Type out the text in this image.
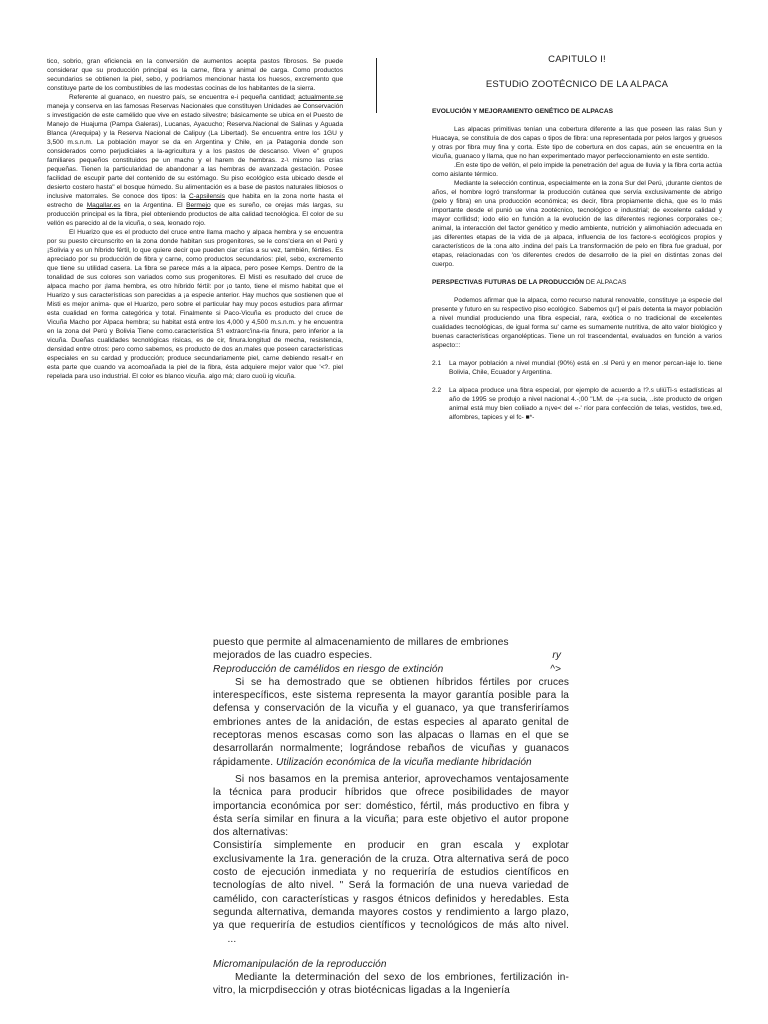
tico, sobrio, gran eficiencia en la conversión de aumentos acepta pastos fibrosos. Se puede considerar que su producción principal es la carne, fibra y animal de carga. Como productos secundarios se obtienen la piel, sebo, y podríamos mencionar hasta los huesos, excremento que constituye parte de los combustibles de las modestas cocinas de los habitantes de la sierra.

Referente al guanaco, en nuestro país, se encuentra e-i pequeña cantidad; actualmente.se maneja y conserva en las famosas Reservas Nacionales que constituyen Unidades ae Conservación s investigación de este camélido que vive en estado silvestre; básicamente se ubica en el Puesto de Manejo de Huajuma (Pampa Galeras), Lucanas, Ayacucho; Reserva.Nacional de Salinas y Aguada Blanca (Arequipa) y la Reserva Nacional de Calipuy (La Libertad). Se encuentra entre los 1GU y 3,500 m.s.n.m. La población mayor se da en Argentina y Chile, en ¡a Patagonia donde son considerados como perjudiciales a la-agricultura y a los pastos de descanso. Viven e" grupos familiares pequeños constituidos pe un macho y el harem de hembras. z-\ mismo las crías pequeñas. Tienen la particularidad de abandonar a las hembras de avanzada gestación. Posee facilidad de escupir parte del contenido de su estómago. Su piso ecológico esta ubicado desde el desierto costero hasta" el bosque húmedo. Su alimentación es a base de pastos naturales libiosos o inclusive matorrales. Se conoce dos tipos: la C-apsilensis que habita en la zona norte hasta el estrecho de Magallar.es en la Argentina. El Bermejo que es sureño, ce orejas más largas, su producción principal es la fibra, piel obteniendo productos de alta calidad tecnológica. El color de su vellón es parecido al de la vicuña, o sea, leonado rojo.

El Huarizo que es el producto del cruce entre llama macho y alpaca hembra y se encuentra por su puesto circunscrito en la zona donde habitan sus progenitores, se le cons'ciera en el Perú y ¡Solivia y es un híbrido fértil, lo que quiere decir que pueden ciar crías a su vez, también, fértiles. Es apreciado por su producción de fibra y carne, como productos secundarios: piel, sebo, excremento que tiene su utilidad casera. La fibra se parece más a la alpaca, pero posee Kemps. Dentro de la tonalidad de sus colores son variados como sus progenitores. El Misti es resultado del cruce de alpaca macho por ¡lama hembra, es otro híbrido fértil: por ¡o tanto, tiene el mismo habitat que el Huarizo y sus características son parecidas a ¡a especie anterior. Hay muchos que sostienen que el Misti es mejor anima- que el Huarizo, pero sobre el particular hay muy pocos estudios para afirmar esta cualidad en forma categórica y total. Finalmente si Paco-Vicuña es producto del cruce de Vicuña Macho por Alpaca hembra; su habitat está entre los 4,000 y 4,500 m.s.n.m. y he encuentra en la zona del Perú y Bolivia Tiene como.característica S'l extraorc'ina-ria finura, pero inferior a la vicuña. Dueñas cualidades tecnológicas risicas, es de cir, finura.longitud de mecha, resistencia, densidad entre otros: pero como sabemos, es producto de dos an.males que poseen características especiales en su cardad y producción; produce secundariamente piel, carne debiendo resalt-r en esta parte que cuando va acomoañada la piel de la fibra, ésta adquiere mejor valor que '<?. piel repelada para uso industrial. El color es blanco vicuña. algo má; claro cuoü ig vicuña.

CAPITULO I!
ESTUDiO ZOOTÉCNICO DE LA ALPACA
EVOLUCIÓN Y MEJORAMIENTO GENÉTICO DE ALPACAS

Las alpacas primitivas tenían una cobertura diferente a las que poseen las ralas Sun y Huacaya, se constituía de dos capas o tipos de fibra: una representada por pelos largos y gruesos y otras por fibra muy fina y corta. Este tipo de cobertura en dos capas, aún se encuentra en la vicuña, guanaco y llama, que no han experimentado mayor perfeccionamiento en este sentido.

.En este tipo de vellón, el pelo impide la penetración de! agua de lluvia y la fibra corta actúa como aislante térmico.

Mediante la selección continua, especialmente en la zona Sur del Perú, ¡durante cientos de años, el hombre logró transformar la producción cutánea que servía exclusivamente de abrigo (pelo y fibra) en una producción económica; es decir, fibra propiamente dicha, que es lo más importante desde el punió ue vina zootécnico, tecnológico e industrial; de excelente calidad y mayor ccrllidsd; iodo elio en función a la evolución de las diferentes regiones corporales ce-; animal, la interacción del factor genético y medio ambiente, nutrición y alimohiación adecuada en ¡as diferentes etapas de la vida de ¡a alpaca, influencia de los factore-s ecológicos propios y característicos de la :ona alto .indina de! país La transformación de pelo en fibra fue gradual, por etapas, relacionadas con 'os diferentes credos de desarrollo de la piel en distintas zonas del cuerpo.

PERSPECTIVAS FUTURAS DE LA PRODUCCIÓN DE ALPACAS

Podemos afirmar que la alpaca, como recurso natural renovable, constituye ¡a especie del presente y futuro en su respectivo piso ecológico. Sabemos qu'] el país detenta la mayor población a nivel mundial produciendo una fibra especial, rara, exótica o no tradicional de excelentes cualidades tecnológicas, de igual forma su' carne es sumamente nutritiva, de alto valor biológico y buenas características organolépticas. Tiene un rol trascendental, evaluados en función a varios aspecto:::

2.1	La mayor población a nivel mundial (90%) está en .sl Perú y en menor percan-iaje lo. tiene Bolivia, Chile, Ecuador y Argentina.
2.2	La alpaca produce una fibra especial, por ejemplo de acuerdo a !?.s uliüTi-s estadísticas al año de 1995 se produjo a nivel nacional 4.-;00 "LM. de -¡-ra sucia, ..iste producto de origen animal está muy bien coliiado a n¡ve< del «-' ríor para confección de telas, vestidos, twe.ed, alfombres, tapices y el fc- ■*-

puesto que permite al almacenamiento de millares de embriones

mejorados de las cuadro especies.	ry

Reproducción de camélidos en riesgo de extinción	^>

Si se ha demostrado que se obtienen híbridos fértiles por cruces interespecíficos, este sistema representa la mayor garantía posible para la defensa y conservación de la vicuña y el guanaco, ya que transferiríamos embriones antes de la anidación, de estas especies al aparato genital de receptoras menos escasas como son las alpacas o llamas en el que se desarrollarán normalmente; lográndose rebaños de vicuñas y guanacos rápidamente. Utilización económica de la vicuña mediante hibridación

Si nos basamos en la premisa anterior, aprovechamos ventajosamente la técnica para producir híbridos que ofrece posibilidades de mayor importancia económica por ser: doméstico, fértil, más productivo en fibra y ésta sería similar en finura a la vicuña; para este objetivo el autor propone dos alternativas:

Consistiría simplemente en producir en gran escala y explotar exclusivamente la 1ra. generación de la cruza. Otra alternativa será de poco costo de ejecución inmediata y no requeriría de estudios científicos en tecnologías de alto nivel. " Será la formación de una nueva variedad de camélido, con características y rasgos étnicos definidos y heredables. Esta segunda alternativa, demanda mayores costos y rendimiento a largo plazo, ya que requeriría de estudios científicos y tecnológicos de más alto nivel.      ...

Micromanipulación de la reproducción

Mediante la determinación del sexo de los embriones, fertilización in-vitro, la micrpdisección y otras biotécnicas ligadas a la Ingeniería
